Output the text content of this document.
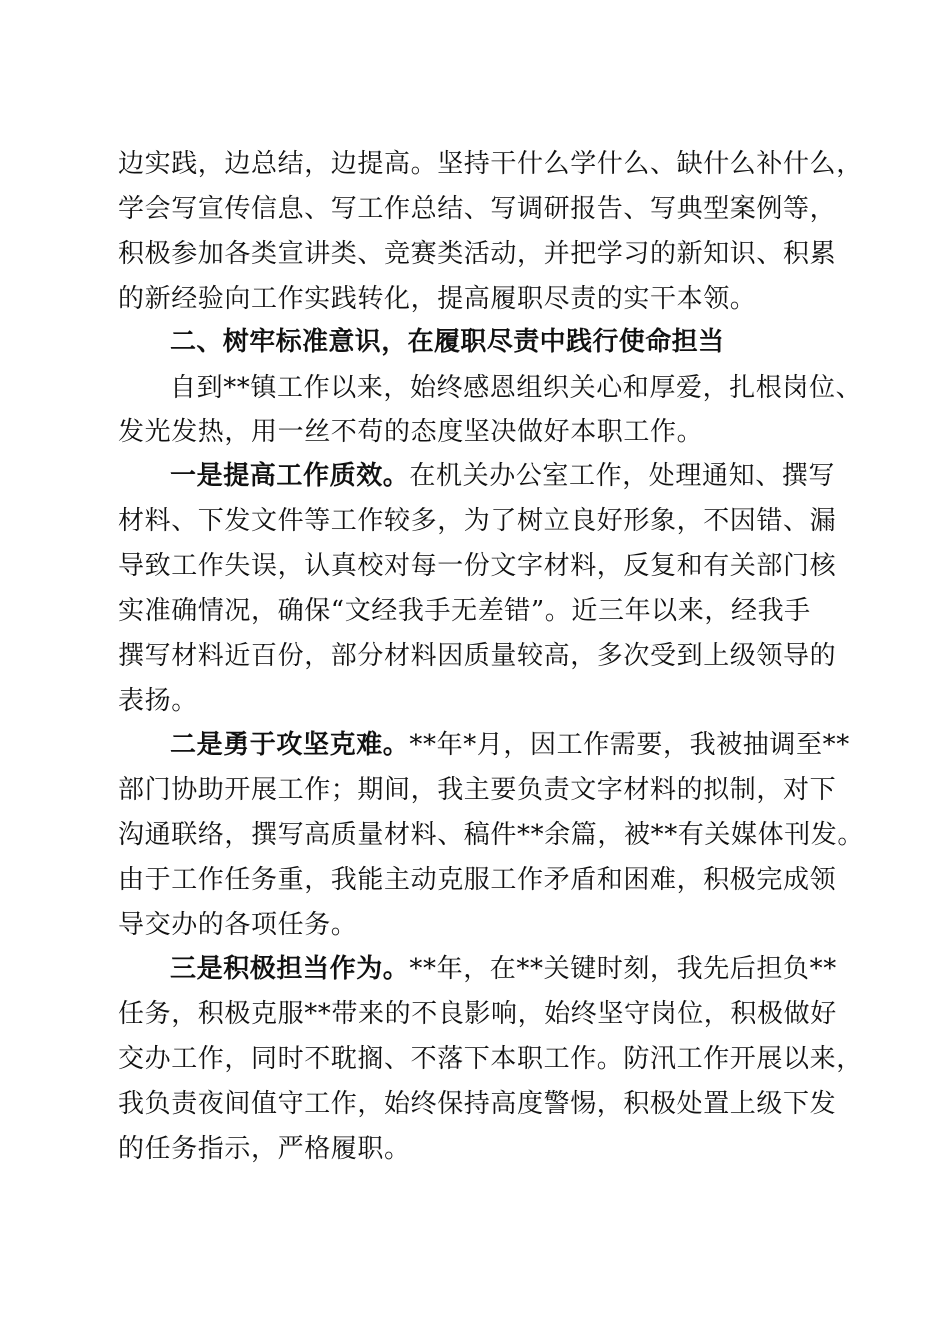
边实践，边总结，边提高。坚持干什么学什么、缺什么补什么，
学会写宣传信息、写工作总结、写调研报告、写典型案例等，
积极参加各类宣讲类、竞赛类活动，并把学习的新知识、积累
的新经验向工作实践转化，提高履职尽责的实干本领。
二、树牢标准意识，在履职尽责中践行使命担当
自到**镇工作以来，始终感恩组织关心和厚爱，扎根岗位、
发光发热，用一丝不苟的态度坚决做好本职工作。
一是提高工作质效。在机关办公室工作，处理通知、撰写
材料、下发文件等工作较多，为了树立良好形象，不因错、漏
导致工作失误，认真校对每一份文字材料，反复和有关部门核
实准确情况，确保“文经我手无差错”。近三年以来，经我手
撰写材料近百份，部分材料因质量较高，多次受到上级领导的
表扬。
二是勇于攻坚克难。**年*月，因工作需要，我被抽调至**
部门协助开展工作；期间，我主要负责文字材料的拟制，对下
沟通联络，撰写高质量材料、稿件**余篇，被**有关媒体刊发。
由于工作任务重，我能主动克服工作矛盾和困难，积极完成领
导交办的各项任务。
三是积极担当作为。**年，在**关键时刻，我先后担负**
任务，积极克服**带来的不良影响，始终坚守岗位，积极做好
交办工作，同时不耽搁、不落下本职工作。防汛工作开展以来，
我负责夜间值守工作，始终保持高度警惕，积极处置上级下发
的任务指示，严格履职。
